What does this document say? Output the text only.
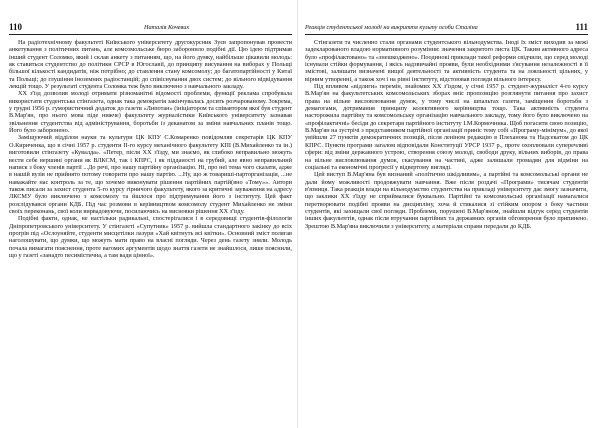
110	Наталія Кочевих

На радіотехнічному факультеті Київського університету другокурсник Зуєв запропонував провести анкетування з політичних питань, але комсомольське бюро заборонило подібні дії. Цю ідею підтримав інший студент Соломко, який і склав анкету з питанням, що, на його думку, найбільше цікавили молодь: як ставиться студентство до політики СРСР в Югославії, до принципу висування на виборах у Польщі більшої кількості кандидатів, ніж потрібно; до ставлення стану комсомолу; до багатопартійності у Китаї та Польщі; до глушіння іноземних радіостанцій; до співіснування двох систем; до вільного відвідування лекцій тощо. У результаті студента Соломка теж було виключено з навчального закладу.

ХХ з'їзд дозволив молоді отримати різноманітні відомості проблеми, функції реклама спробувала використати студентська стінгазета, однак така демократія закінчувалась досить розчарованому. Зокрема, у грудні 1956 р. гумористичний додаток до газети «Липотан» (ініціатором та співавтором якої був студент В.Мар'ян, про нього мова піде нижче) факультету журналістики Київського університету зазнавав звільнення студентства від адміністрування, боротьби із деканатом за зміни навчальних планів тощо. Його було заборонено.

Заміщуючий відділом науки та культури ЦК КПУ С.Комаренко повідомляв секретарів ЦК КПУ О.Кириченка, що в січні 1957 р. студенти ІІ-го курсу механічного факультету КПІ (В.Михайленко та ін.) виготовили стінгазету «Кувалда». «Петер, після ХХ з'їзду, ми знаємо, як глибоко неправильно можуть вести себе вершині органи як ВЛКСМ, так і КПРС, і як підданості на грубий, але явно неправильний написк з боку членів партії ...До речі, про нашу партійну організацію. Ні, про неї тема чого сказати, адже в нашій вузів не прийнято потому говорити про нашу партію. ...Ну, що ж товариші-парторганізація, ...не наважайте нас контроль за те, що хочемо виконувати рішення партійних партій(вно «Тому»». Автори також писали за захист студента 5-го курсу гірничого факультету, якого за критичні зауваження на адресу ЛКСМУ було виключено з комсомолу та йшлося про підтримування його з інституту. Цей факт розслідувався органи КДБ. Під час розмови в керівництвом комсомолу студент Михайленко не зміни своїх переконань, свої коли вирвадовуючи, посилаючись на висновки рішення ХХ з'їзду.

Подібні факти, однак, не настільки радикальні, спостерігалися і в середовищі студентів-філологів Дніпропетровського університету. У стінгазеті «Супутник» 1957 р. вийшла стандартного закінку до всіх прогрів під «Ослоуняйте, студенти мисцетілки лазури «Хай квітнуть всі квітки». Основний зміст полягав наголошувати, що думки, що можуть мати право на власні погляди. Через день газету зняли. Молодь почала вимагати пояснення, проте вагомих аргументів щодо знаття газети не знайшлося, лише пояснили, що у газеті «занадто песимістична, а там вади цінної».

Реакція студентської молоді на викриття культу особи Сталіна	111

Стінгазети та численно стали органами студентського вільнодумства. Іноді їх зміст виходив за межі задекларованого владою нормативного розуміння: значення закритого листа ЦК. Таким активного адреса було «профілактовано» та «знешкоджено». Поодинокі приклади такої реформи свідчили, що серед молоді існували стійки формування, і якісь надзвичайні прояви, були необхідними з'ясування незалежності в її змістові, залишати визначені вищої деятельності та активність студента та на лояльності цільних, у вірним утворенні, а також хоч і на рівні інституту, відстоював погляди вільного інтересу.

Під впливом «відлиги» перемін, знайомих ХХ з'їздом, у січні 1957 р. студент-журналіст 4-го курсу В.Мар'ян на факультетських комсомольських зборах вніс пропозицію розглянути питання про захист права на вільне висловлювання думок, у тому числі на шпальтах газети, заміщення боротьби з демагогами, дотримання принципу колективного керівництва тощо. Така активність студента насторожила партійну та комсомольську організацію навчального закладу, тому його було виключено на «профілактичні» бесіди до секретаря партійного інституту І.М.Кормочника. Щоб погасити свою позицію, В.Мар'ян на зустрічі з представником партійної організації приніс тему собі «Програму-мінімум», до якої увійшли 27 пунктів демократичних позицій, після леніном редакцію в Плеханова та Надсекатом до ЦК КПРС. Пункти програми загалом відповідали Конституції УРСР 1937 р., проте охоплювали суперечливі сфери: від зміни державного устрою, створення союзу молоді, свободи друку, вільних виборів, до права на вільне висловлювання думок, скасування на частині, адже залишали громадян для відміни на соціальні та економічні прогресії у відвертому вигляді.

Цей виступ В.Мар'яна був визнаний «політично шкідливим», а партійні та комсомольські органи не дали йому можливості продовжувати навчання. Вже після роздачі «Програми» тисячам студентів в'язниця. Така реакція влади на вільнодумство студентства на прикладі університету дає змогу зазначити, що заклики ХХ з'їзду не сприймалися буквально. Партійні та комсомольські організації намагалися перетворювати подібні прояви на дисципліну, хоча й стикалися зі стійким опором з боку частини студентів, які захищали свої погляди. Проблеми, порушені В.Мар'яном, знайшли відгук серед студентів інших факультетів, однак після втручання партійних та державних органів обговорення було припинено. Зрештою В.Мар'яна виключили з університету, а матеріали справи передали до КДБ.
